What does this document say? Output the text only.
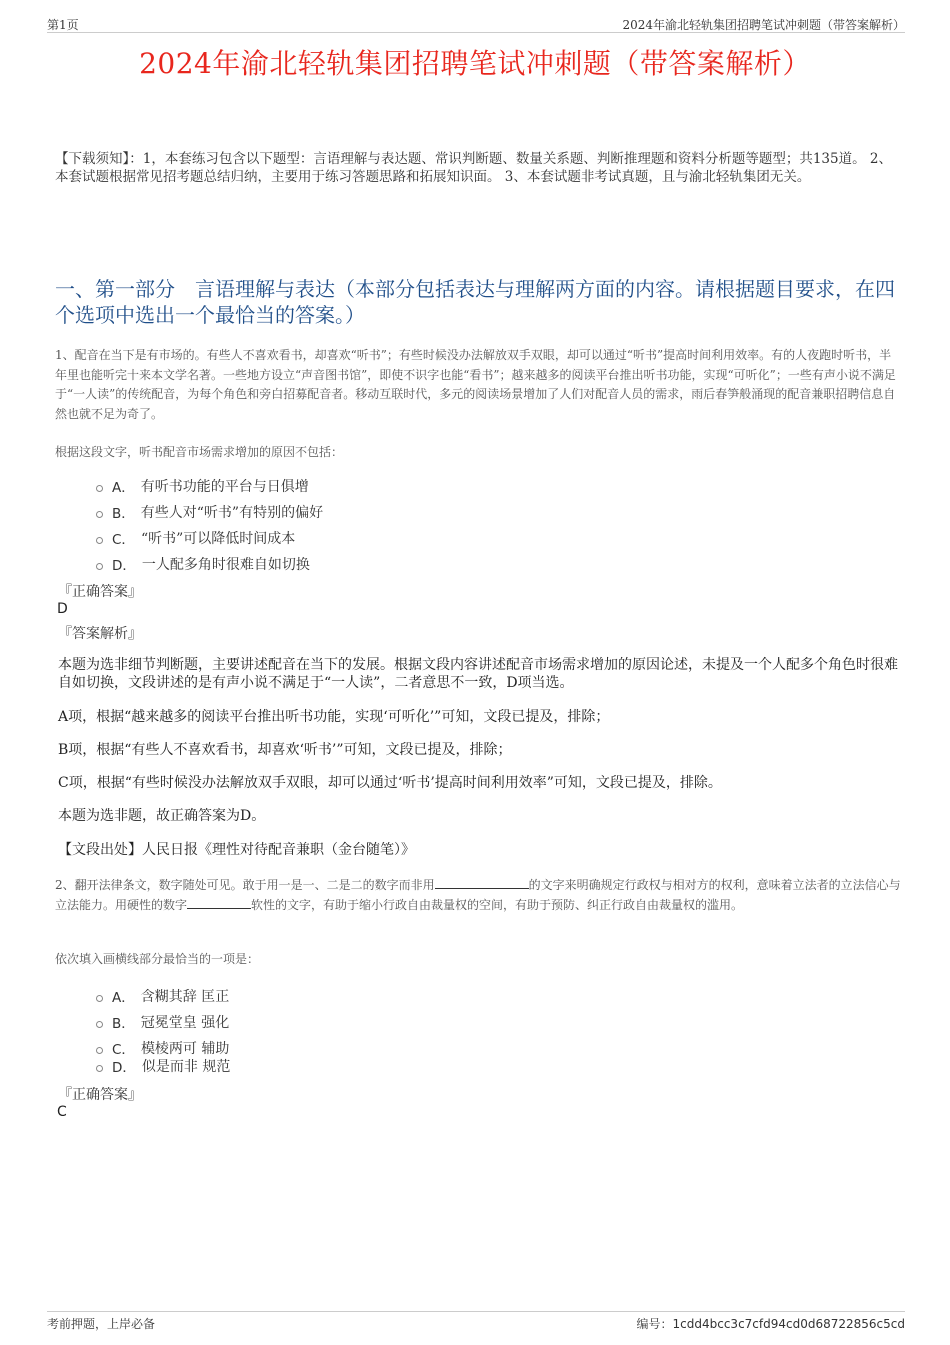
第1页	2024年渝北轻轨集团招聘笔试冲刺题（带答案解析）
2024年渝北轻轨集团招聘笔试冲刺题（带答案解析）
【下载须知】：1，本套练习包含以下题型：言语理解与表达题、常识判断题、数量关系题、判断推理题和资料分析题等题型；共135道。 2、本套试题根据常见招考题总结归纳，主要用于练习答题思路和拓展知识面。 3、本套试题非考试真题，且与渝北轻轨集团无关。
一、第一部分　言语理解与表达（本部分包括表达与理解两方面的内容。请根据题目要求，在四个选项中选出一个最恰当的答案。）
1、配音在当下是有市场的。有些人不喜欢看书，却喜欢“听书”；有些时候没办法解放双手双眼，却可以通过“听书”提高时间利用效率。有的人夜跑时听书，半年里也能听完十来本文学名著。一些地方设立“声音图书馆”，即使不识字也能“看书”；越来越多的阅读平台推出听书功能，实现“可听化”；一些有声小说不满足于“一人读”的传统配音，为每个角色和旁白招募配音者。移动互联时代，多元的阅读场景增加了人们对配音人员的需求，雨后春笋般涌现的配音兼职招聘信息自然也就不足为奇了。
根据这段文字，听书配音市场需求增加的原因不包括：
A． 有听书功能的平台与日俱增
B． 有些人对“听书”有特别的偏好
C． “听书”可以降低时间成本
D． 一人配多角时很难自如切换
『正确答案』
D
『答案解析』
本题为选非细节判断题，主要讲述配音在当下的发展。根据文段内容讲述配音市场需求增加的原因论述，未提及一个人配多个角色时很难自如切换，文段讲述的是有声小说不满足于“一人读”，二者意思不一致，D项当选。
A项，根据“越来越多的阅读平台推出听书功能，实现‘可听化’”可知，文段已提及，排除；
B项，根据“有些人不喜欢看书，却喜欢‘听书’”可知，文段已提及，排除；
C项，根据“有些时候没办法解放双手双眼，却可以通过‘听书’提高时间利用效率”可知，文段已提及，排除。
本题为选非题，故正确答案为D。
【文段出处】人民日报《理性对待配音兼职（金台随笔）》
2、翻开法律条文，数字随处可见。敢于用一是一、二是二的数字而非用	的文字来明确规定行政权与相对方的权利，意味着立法者的立法信心与立法能力。用硬性的数字	软性的文字，有助于缩小行政自由裁量权的空间，有助于预防、纠正行政自由裁量权的滥用。
依次填入画横线部分最恰当的一项是：
A． 含糊其辞 匡正
B． 冠冕堂皇 强化
C． 模棱两可 辅助
D． 似是而非 规范
『正确答案』
C
考前押题，上岸必备	编号：1cdd4bcc3c7cfd94cd0d68722856c5cd
